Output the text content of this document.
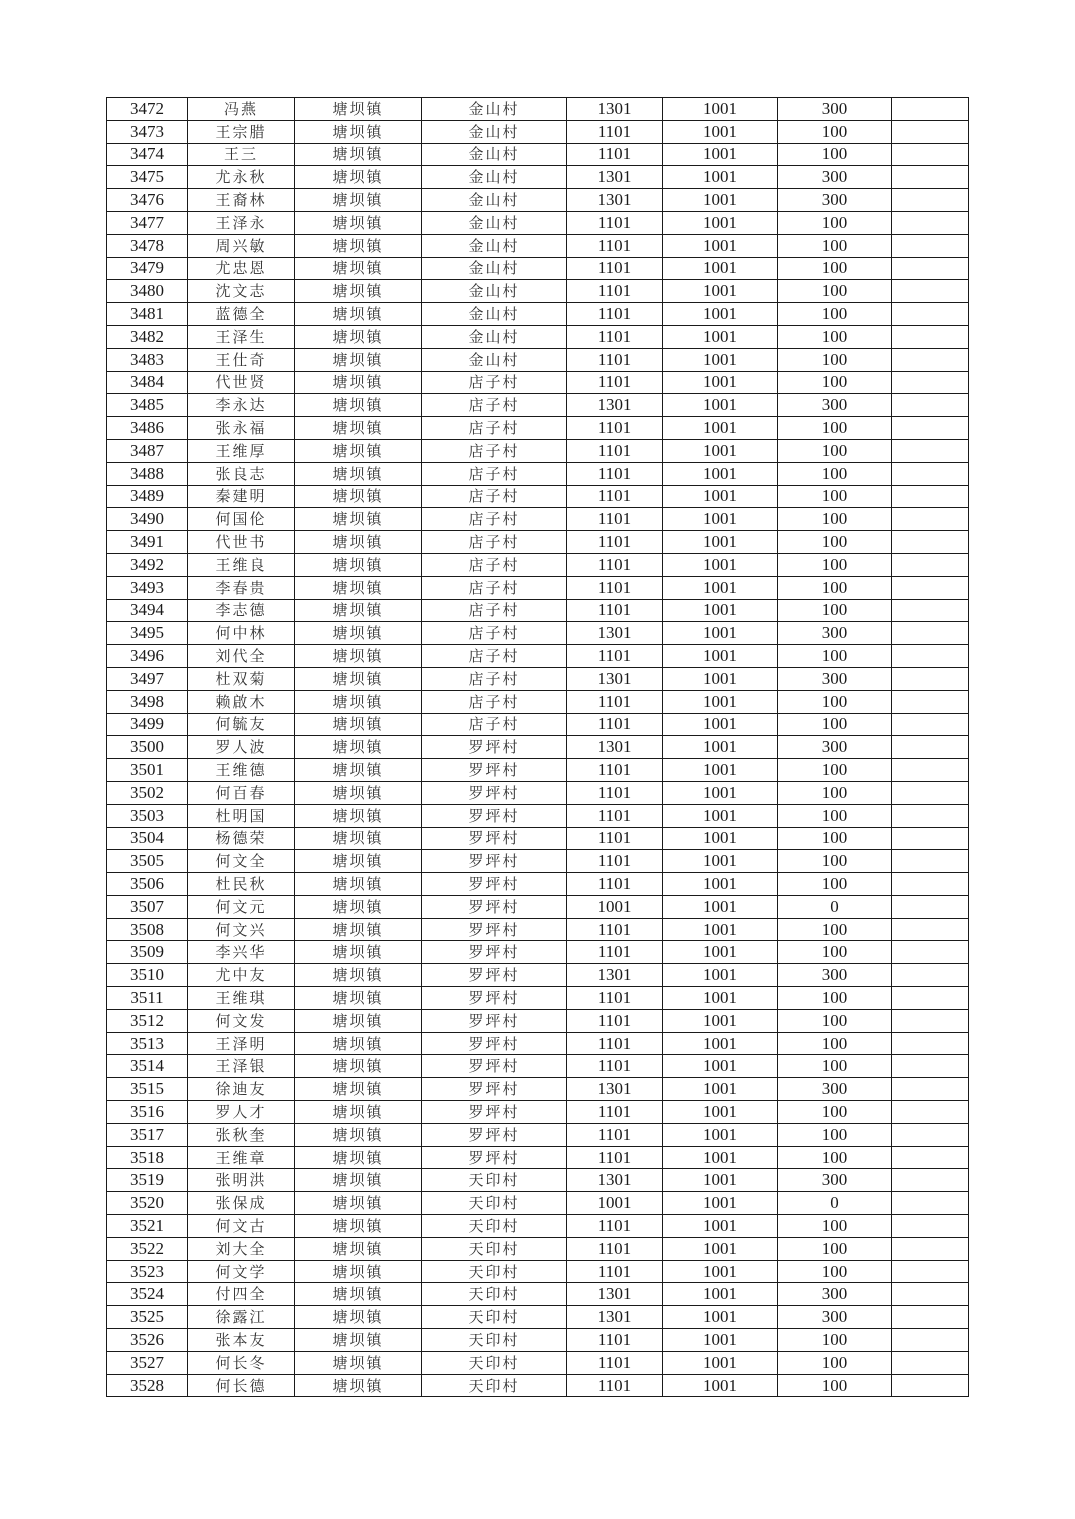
3472	冯燕	塘坝镇	金山村	1301	1001	300	
3473	王宗腊	塘坝镇	金山村	1101	1001	100	
3474	王三	塘坝镇	金山村	1101	1001	100	
3475	尤永秋	塘坝镇	金山村	1301	1001	300	
3476	王裔林	塘坝镇	金山村	1301	1001	300	
3477	王泽永	塘坝镇	金山村	1101	1001	100	
3478	周兴敏	塘坝镇	金山村	1101	1001	100	
3479	尤忠恩	塘坝镇	金山村	1101	1001	100	
3480	沈文志	塘坝镇	金山村	1101	1001	100	
3481	蓝德全	塘坝镇	金山村	1101	1001	100	
3482	王泽生	塘坝镇	金山村	1101	1001	100	
3483	王仕奇	塘坝镇	金山村	1101	1001	100	
3484	代世贤	塘坝镇	店子村	1101	1001	100	
3485	李永达	塘坝镇	店子村	1301	1001	300	
3486	张永福	塘坝镇	店子村	1101	1001	100	
3487	王维厚	塘坝镇	店子村	1101	1001	100	
3488	张良志	塘坝镇	店子村	1101	1001	100	
3489	秦建明	塘坝镇	店子村	1101	1001	100	
3490	何国伦	塘坝镇	店子村	1101	1001	100	
3491	代世书	塘坝镇	店子村	1101	1001	100	
3492	王维良	塘坝镇	店子村	1101	1001	100	
3493	李春贵	塘坝镇	店子村	1101	1001	100	
3494	李志德	塘坝镇	店子村	1101	1001	100	
3495	何中林	塘坝镇	店子村	1301	1001	300	
3496	刘代全	塘坝镇	店子村	1101	1001	100	
3497	杜双菊	塘坝镇	店子村	1301	1001	300	
3498	赖啟木	塘坝镇	店子村	1101	1001	100	
3499	何毓友	塘坝镇	店子村	1101	1001	100	
3500	罗人波	塘坝镇	罗坪村	1301	1001	300	
3501	王维德	塘坝镇	罗坪村	1101	1001	100	
3502	何百春	塘坝镇	罗坪村	1101	1001	100	
3503	杜明国	塘坝镇	罗坪村	1101	1001	100	
3504	杨德荣	塘坝镇	罗坪村	1101	1001	100	
3505	何文全	塘坝镇	罗坪村	1101	1001	100	
3506	杜民秋	塘坝镇	罗坪村	1101	1001	100	
3507	何文元	塘坝镇	罗坪村	1001	1001	0	
3508	何文兴	塘坝镇	罗坪村	1101	1001	100	
3509	李兴华	塘坝镇	罗坪村	1101	1001	100	
3510	尤中友	塘坝镇	罗坪村	1301	1001	300	
3511	王维琪	塘坝镇	罗坪村	1101	1001	100	
3512	何文发	塘坝镇	罗坪村	1101	1001	100	
3513	王泽明	塘坝镇	罗坪村	1101	1001	100	
3514	王泽银	塘坝镇	罗坪村	1101	1001	100	
3515	徐迪友	塘坝镇	罗坪村	1301	1001	300	
3516	罗人才	塘坝镇	罗坪村	1101	1001	100	
3517	张秋奎	塘坝镇	罗坪村	1101	1001	100	
3518	王维章	塘坝镇	罗坪村	1101	1001	100	
3519	张明洪	塘坝镇	天印村	1301	1001	300	
3520	张保成	塘坝镇	天印村	1001	1001	0	
3521	何文古	塘坝镇	天印村	1101	1001	100	
3522	刘大全	塘坝镇	天印村	1101	1001	100	
3523	何文学	塘坝镇	天印村	1101	1001	100	
3524	付四全	塘坝镇	天印村	1301	1001	300	
3525	徐露江	塘坝镇	天印村	1301	1001	300	
3526	张本友	塘坝镇	天印村	1101	1001	100	
3527	何长冬	塘坝镇	天印村	1101	1001	100	
3528	何长德	塘坝镇	天印村	1101	1001	100	
